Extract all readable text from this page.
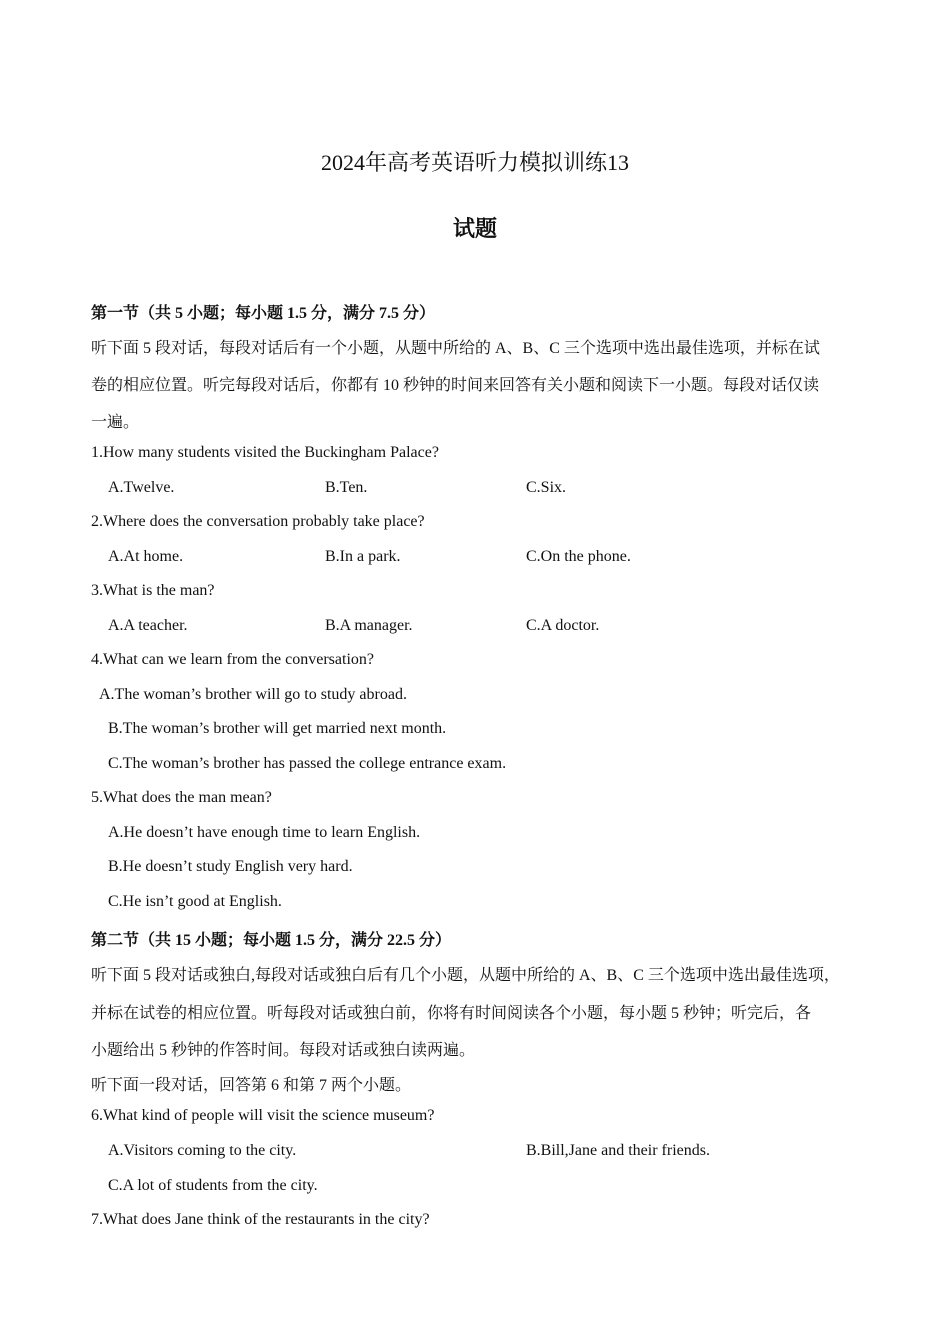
2024年高考英语听力模拟训练13
试题
第一节（共 5 小题；每小题 1.5 分，满分 7.5 分）
听下面 5 段对话，每段对话后有一个小题，从题中所给的 A、B、C 三个选项中选出最佳选项，并标在试
卷的相应位置。听完每段对话后，你都有 10 秒钟的时间来回答有关小题和阅读下一小题。每段对话仅读
一遍。
1.How many students visited the Buckingham Palace?
A.Twelve.	B.Ten.	C.Six.
2.Where does the conversation probably take place?
A.At home.	B.In a park.	C.On the phone.
3.What is the man?
A.A teacher.	B.A manager.	C.A doctor.
4.What can we learn from the conversation?
A.The woman’s brother will go to study abroad.
B.The woman’s brother will get married next month.
C.The woman’s brother has passed the college entrance exam.
5.What does the man mean?
A.He doesn’t have enough time to learn English.
B.He doesn’t study English very hard.
C.He isn’t good at English.
第二节（共 15 小题；每小题 1.5 分，满分 22.5 分）
听下面 5 段对话或独白,每段对话或独白后有几个小题，从题中所给的 A、B、C 三个选项中选出最佳选项，
并标在试卷的相应位置。听每段对话或独白前，你将有时间阅读各个小题，每小题 5 秒钟；听完后，各
小题给出 5 秒钟的作答时间。每段对话或独白读两遍。
听下面一段对话，回答第 6 和第 7 两个小题。
6.What kind of people will visit the science museum?
A.Visitors coming to the city.	B.Bill,Jane and their friends.
C.A lot of students from the city.
7.What does Jane think of the restaurants in the city?
